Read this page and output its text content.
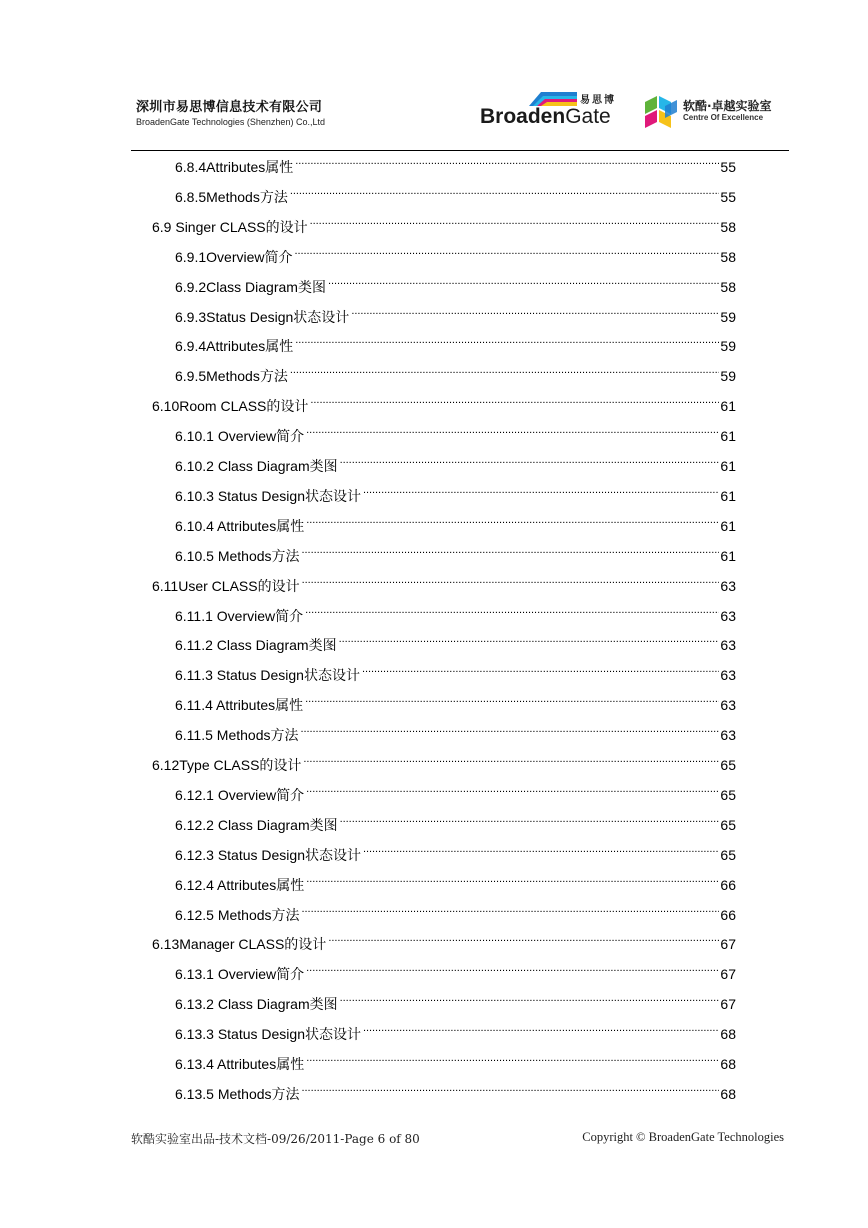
深圳市易思博信息技术有限公司
BroadenGate Technologies (Shenzhen) Co.,Ltd
易思博
BroadenGate	软酷·卓越实验室
Centre Of Excellence
6.8.4 Attributes属性 . . .	55
6.8.5 Methods方法 . . .	55
6.9 Singer CLASS的设计 . . .	58
6.9.1 Overview简介 . . .	58
6.9.2 Class Diagram类图 . . .	58
6.9.3 Status Design状态设计 . . .	59
6.9.4 Attributes属性 . . .	59
6.9.5 Methods方法 . . .	59
6.10 Room CLASS的设计 . . .	61
6.10.1 Overview简介 . . .	61
6.10.2 Class Diagram类图 . . .	61
6.10.3 Status Design状态设计 . . .	61
6.10.4 Attributes属性 . . .	61
6.10.5 Methods方法 . . .	61
6.11 User CLASS的设计 . . .	63
6.11.1 Overview简介 . . .	63
6.11.2 Class Diagram类图 . . .	63
6.11.3 Status Design状态设计 . . .	63
6.11.4 Attributes属性 . . .	63
6.11.5 Methods方法 . . .	63
6.12 Type CLASS的设计 . . .	65
6.12.1 Overview简介 . . .	65
6.12.2 Class Diagram类图 . . .	65
6.12.3 Status Design状态设计 . . .	65
6.12.4 Attributes属性 . . .	66
6.12.5 Methods方法 . . .	66
6.13 Manager CLASS的设计 . . .	67
6.13.1 Overview简介 . . .	67
6.13.2 Class Diagram类图 . . .	67
6.13.3 Status Design状态设计 . . .	68
6.13.4 Attributes属性 . . .	68
6.13.5 Methods方法 . . .	68
软酷实验室出品-技术文档-09/26/2011-Page 6 of 80	Copyright © BroadenGate Technologies
